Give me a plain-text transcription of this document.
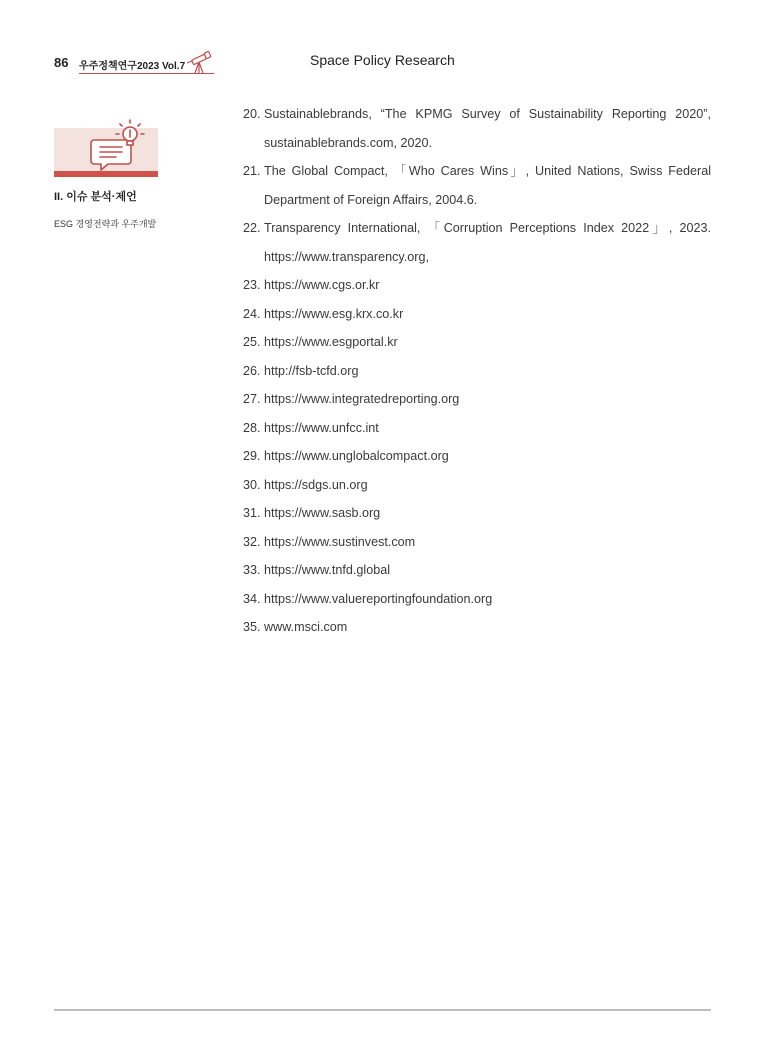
86 우주정책연구2023 Vol.7	Space Policy Research
II. 이슈 분석·제언
ESG 경영전략과 우주개발
20. Sustainablebrands, “The KPMG Survey of Sustainability Reporting 2020”, sustainablebrands.com, 2020.
21. The Global Compact, 「Who Cares Wins」, United Nations, Swiss Federal Department of Foreign Affairs, 2004.6.
22. Transparency International, 「Corruption Perceptions Index 2022」, 2023. https://www.transparency.org,
23. https://www.cgs.or.kr
24. https://www.esg.krx.co.kr
25. https://www.esgportal.kr
26. http://fsb-tcfd.org
27. https://www.integratedreporting.org
28. https://www.unfcc.int
29. https://www.unglobalcompact.org
30. https://sdgs.un.org
31. https://www.sasb.org
32. https://www.sustinvest.com
33. https://www.tnfd.global
34. https://www.valuereportingfoundation.org
35. www.msci.com
